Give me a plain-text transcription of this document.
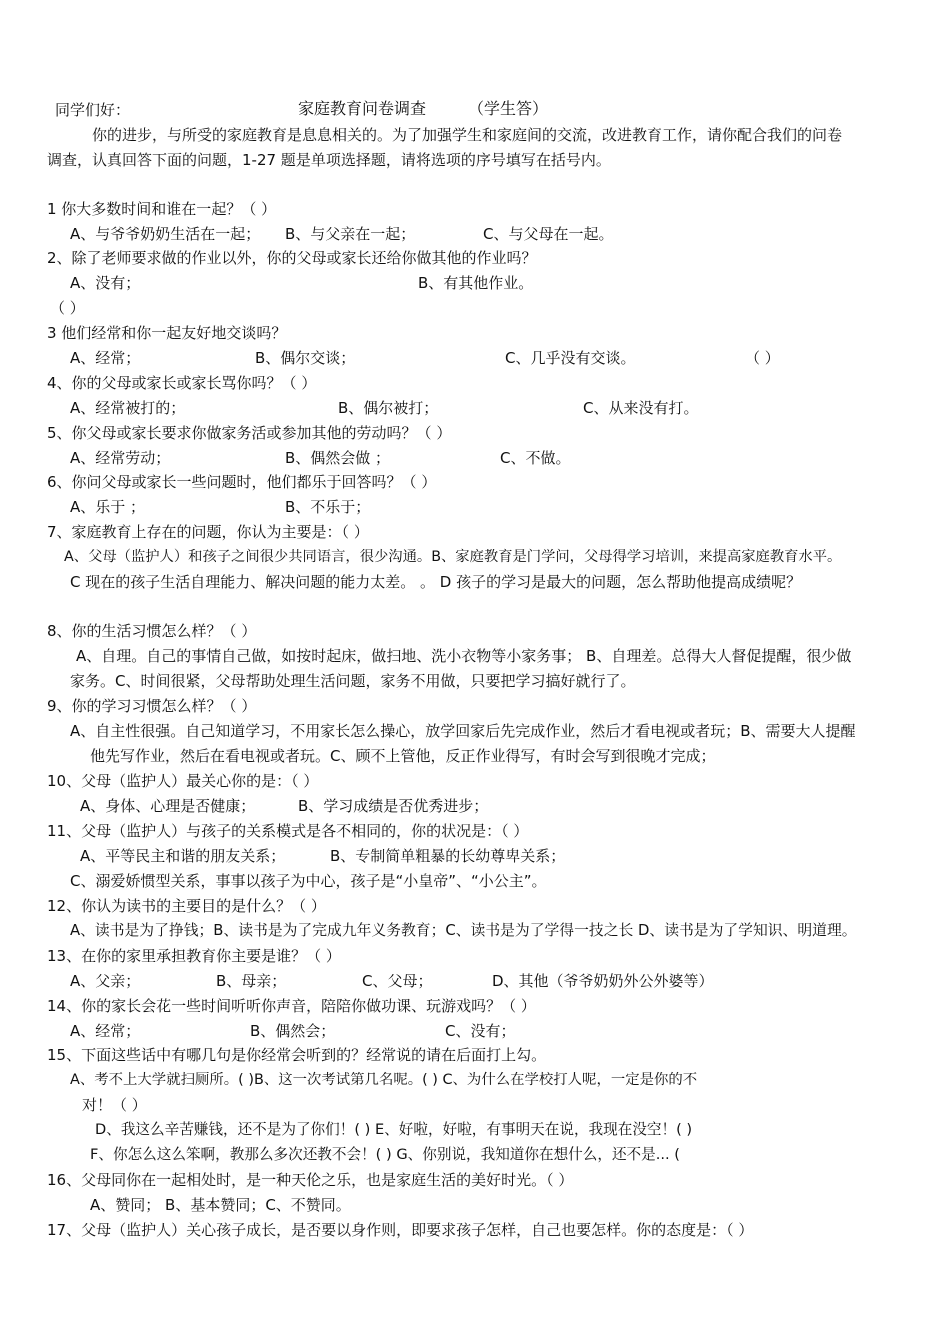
同学们好：	家庭教育问卷调查	（学生答）
你的进步，与所受的家庭教育是息息相关的。为了加强学生和家庭间的交流，改进教育工作，请你配合我们的问卷
调查，认真回答下面的问题，1-27 题是单项选择题，请将选项的序号填写在括号内。
1 你大多数时间和谁在一起？（ ）
A、与爷爷奶奶生活在一起； B、与父亲在一起；	C、与父母在一起。
2、除了老师要求做的作业以外，你的父母或家长还给你做其他的作业吗？
A、没有；	B、有其他作业。
（ ）
3 他们经常和你一起友好地交谈吗？
A、经常；	B、偶尔交谈；	C、几乎没有交谈。	（ ）
4、你的父母或家长或家长骂你吗？（ ）
A、经常被打的；	B、偶尔被打；	C、从来没有打。
5、你父母或家长要求你做家务活或参加其他的劳动吗？（ ）
A、经常劳动；	B、偶然会做 ；	C、不做。
6、你问父母或家长一些问题时，他们都乐于回答吗？（ ）
A、乐于 ；	B、不乐于；
7、家庭教育上存在的问题，你认为主要是：（ ）
A、父母（监护人）和孩子之间很少共同语言，很少沟通。B、家庭教育是门学问，父母得学习培训，来提高家庭教育水平。
C 现在的孩子生活自理能力、解决问题的能力太差。 。 D 孩子的学习是最大的问题，怎么帮助他提高成绩呢？
8、你的生活习惯怎么样？（ ）
A、自理。自己的事情自己做，如按时起床，做扫地、洗小衣物等小家务事； B、自理差。总得大人督促提醒，很少做
家务。C、时间很紧，父母帮助处理生活问题，家务不用做，只要把学习搞好就行了。
9、你的学习习惯怎么样？（ ）
A、自主性很强。自己知道学习，不用家长怎么操心，放学回家后先完成作业，然后才看电视或者玩；B、需要大人提醒
他先写作业，然后在看电视或者玩。C、顾不上管他，反正作业得写，有时会写到很晚才完成；
10、父母（监护人）最关心你的是：（ ）
A、身体、心理是否健康；	B、学习成绩是否优秀进步；
11、父母（监护人）与孩子的关系模式是各不相同的，你的状况是：（ ）
A、平等民主和谐的朋友关系；	B、专制简单粗暴的长幼尊卑关系；
C、溺爱娇惯型关系，事事以孩子为中心，孩子是“小皇帝”、“小公主”。
12、你认为读书的主要目的是什么？（ ）
A、读书是为了挣钱；B、读书是为了完成九年义务教育；C、读书是为了学得一技之长 D、读书是为了学知识、明道理。
13、在你的家里承担教育你主要是谁？（ ）
A、父亲；	B、母亲；	C、父母；	D、其他（爷爷奶奶外公外婆等）
14、你的家长会花一些时间听听你声音，陪陪你做功课、玩游戏吗？（ ）
A、经常；	B、偶然会；	C、没有；
15、下面这些话中有哪几句是你经常会听到的？经常说的请在后面打上勾。
A、考不上大学就扫厕所。( )B、这一次考试第几名呢。( ) C、为什么在学校打人呢，一定是你的不
对！（ ）
D、我这么辛苦赚钱，还不是为了你们！( ) E、好啦，好啦，有事明天在说，我现在没空！( )
F、你怎么这么笨啊，教那么多次还教不会！( ) G、你别说，我知道你在想什么，还不是... (
16、父母同你在一起相处时，是一种天伦之乐，也是家庭生活的美好时光。（ ）
A、赞同； B、基本赞同；C、不赞同。
17、父母（监护人）关心孩子成长，是否要以身作则，即要求孩子怎样，自己也要怎样。你的态度是：（ ）
